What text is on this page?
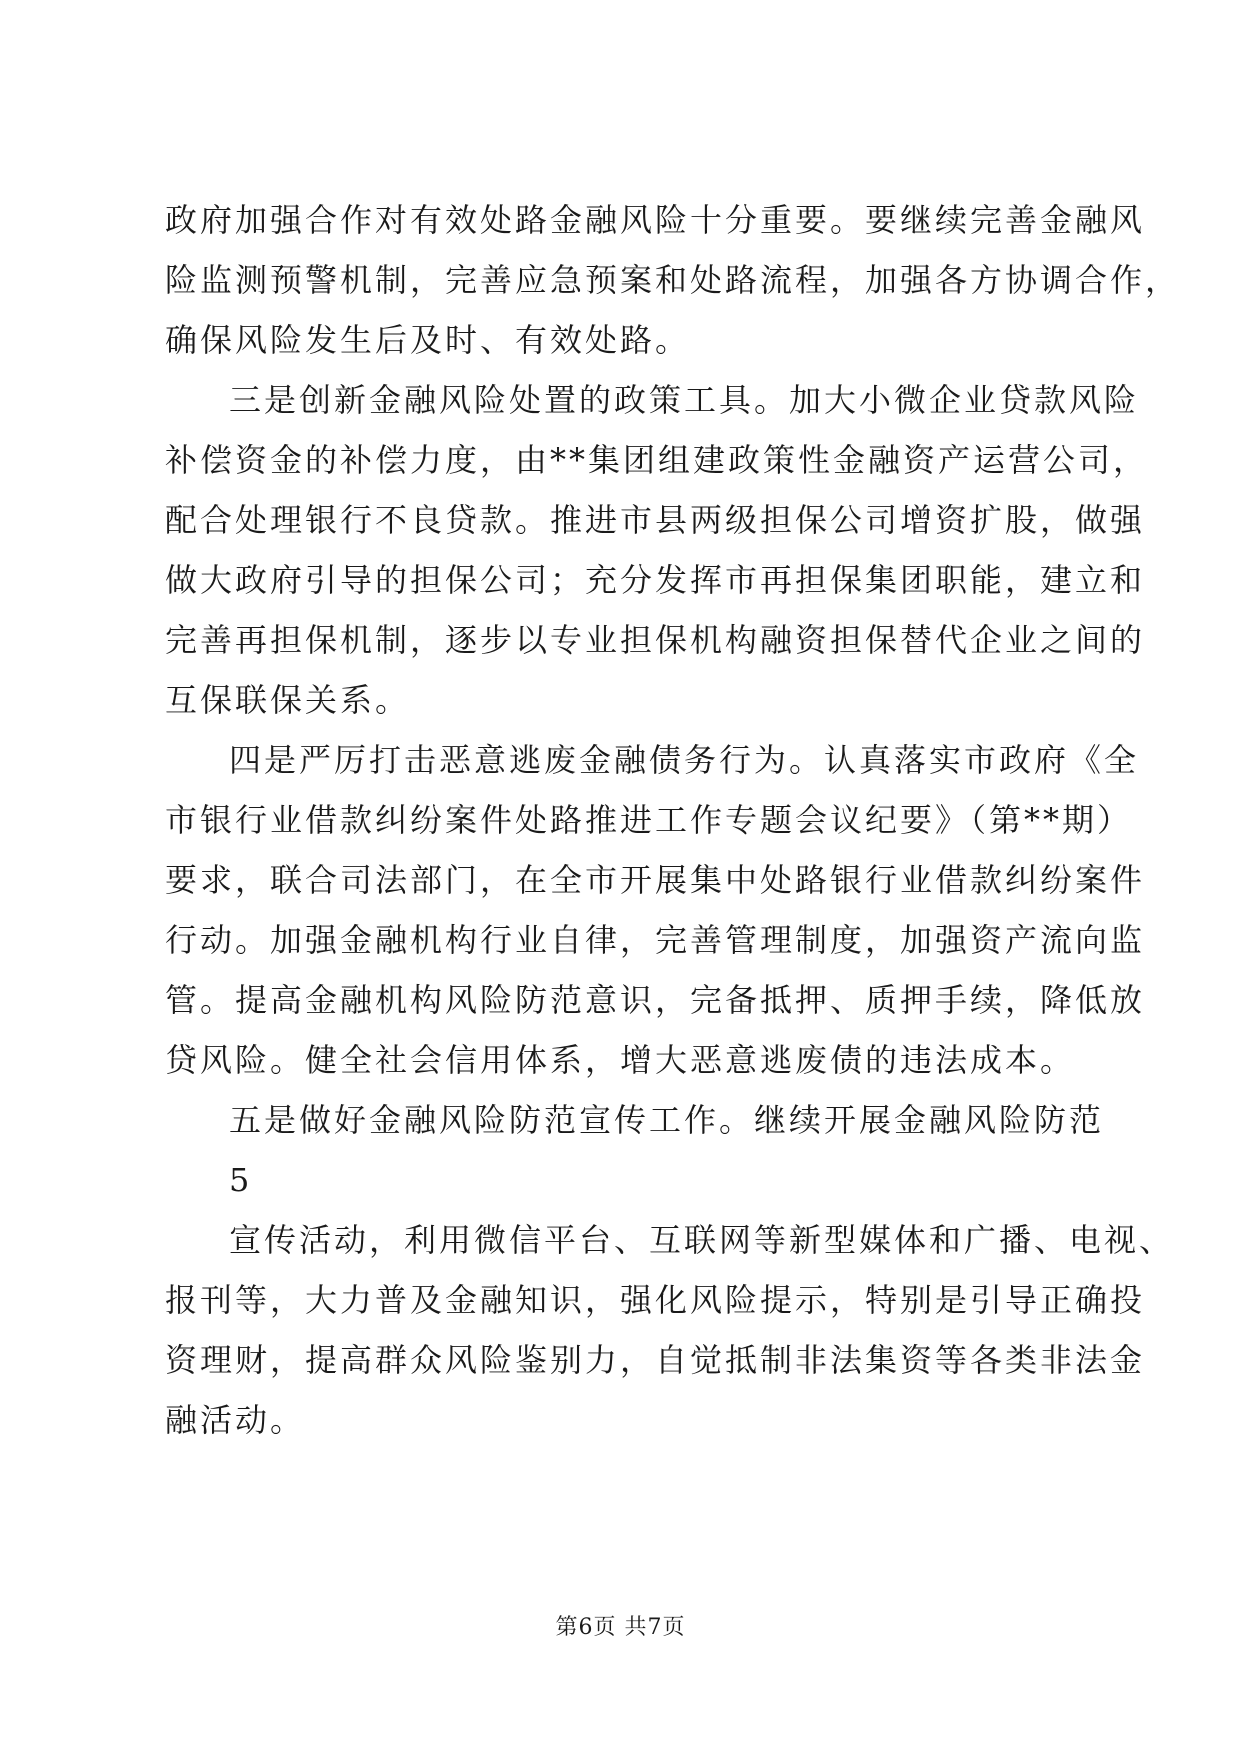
政府加强合作对有效处路金融风险十分重要。要继续完善金融风
险监测预警机制，完善应急预案和处路流程，加强各方协调合作，
确保风险发生后及时、有效处路。
三是创新金融风险处置的政策工具。加大小微企业贷款风险
补偿资金的补偿力度，由**集团组建政策性金融资产运营公司，
配合处理银行不良贷款。推进市县两级担保公司增资扩股，做强
做大政府引导的担保公司；充分发挥市再担保集团职能，建立和
完善再担保机制，逐步以专业担保机构融资担保替代企业之间的
互保联保关系。
四是严厉打击恶意逃废金融债务行为。认真落实市政府《全
市银行业借款纠纷案件处路推进工作专题会议纪要》（第**期）
要求，联合司法部门，在全市开展集中处路银行业借款纠纷案件
行动。加强金融机构行业自律，完善管理制度，加强资产流向监
管。提高金融机构风险防范意识，完备抵押、质押手续，降低放
贷风险。健全社会信用体系，增大恶意逃废债的违法成本。
五是做好金融风险防范宣传工作。继续开展金融风险防范
5
宣传活动，利用微信平台、互联网等新型媒体和广播、电视、
报刊等，大力普及金融知识，强化风险提示，特别是引导正确投
资理财，提高群众风险鉴别力，自觉抵制非法集资等各类非法金
融活动。
第6页 共7页
